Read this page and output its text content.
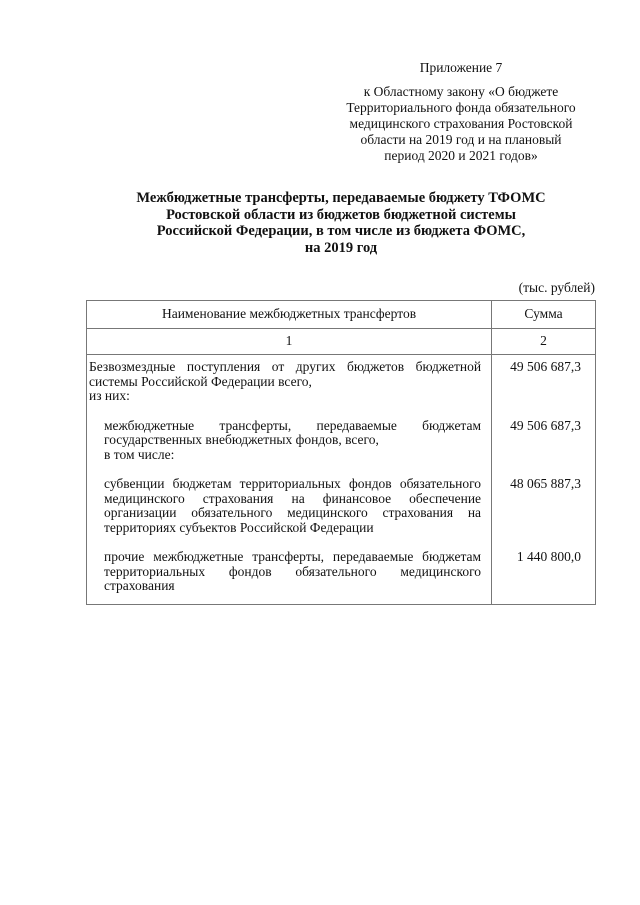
Приложение 7
к Областному закону «О бюджете
Территориального фонда обязательного
медицинского страхования Ростовской
области на 2019 год и на плановый
период 2020 и 2021 годов»
Межбюджетные трансферты, передаваемые бюджету ТФОМС
Ростовской области из бюджетов бюджетной системы
Российской Федерации, в том числе из бюджета ФОМС,
на 2019 год
(тыс. рублей)
Наименование межбюджетных трансфертов	Сумма
1	2
Безвозмездные поступления от других бюджетов бюджетной системы Российской Федерации всего,
из них:	49 506 687,3
межбюджетные трансферты, передаваемые бюджетам государственных внебюджетных фондов, всего,
в том числе:	49 506 687,3
субвенции бюджетам территориальных фондов обязательного медицинского страхования на финансовое обеспечение организации обязательного медицинского страхования на территориях субъектов Российской Федерации	48 065 887,3
прочие межбюджетные трансферты, передаваемые бюджетам территориальных фондов обязательного медицинского страхования	1 440 800,0
